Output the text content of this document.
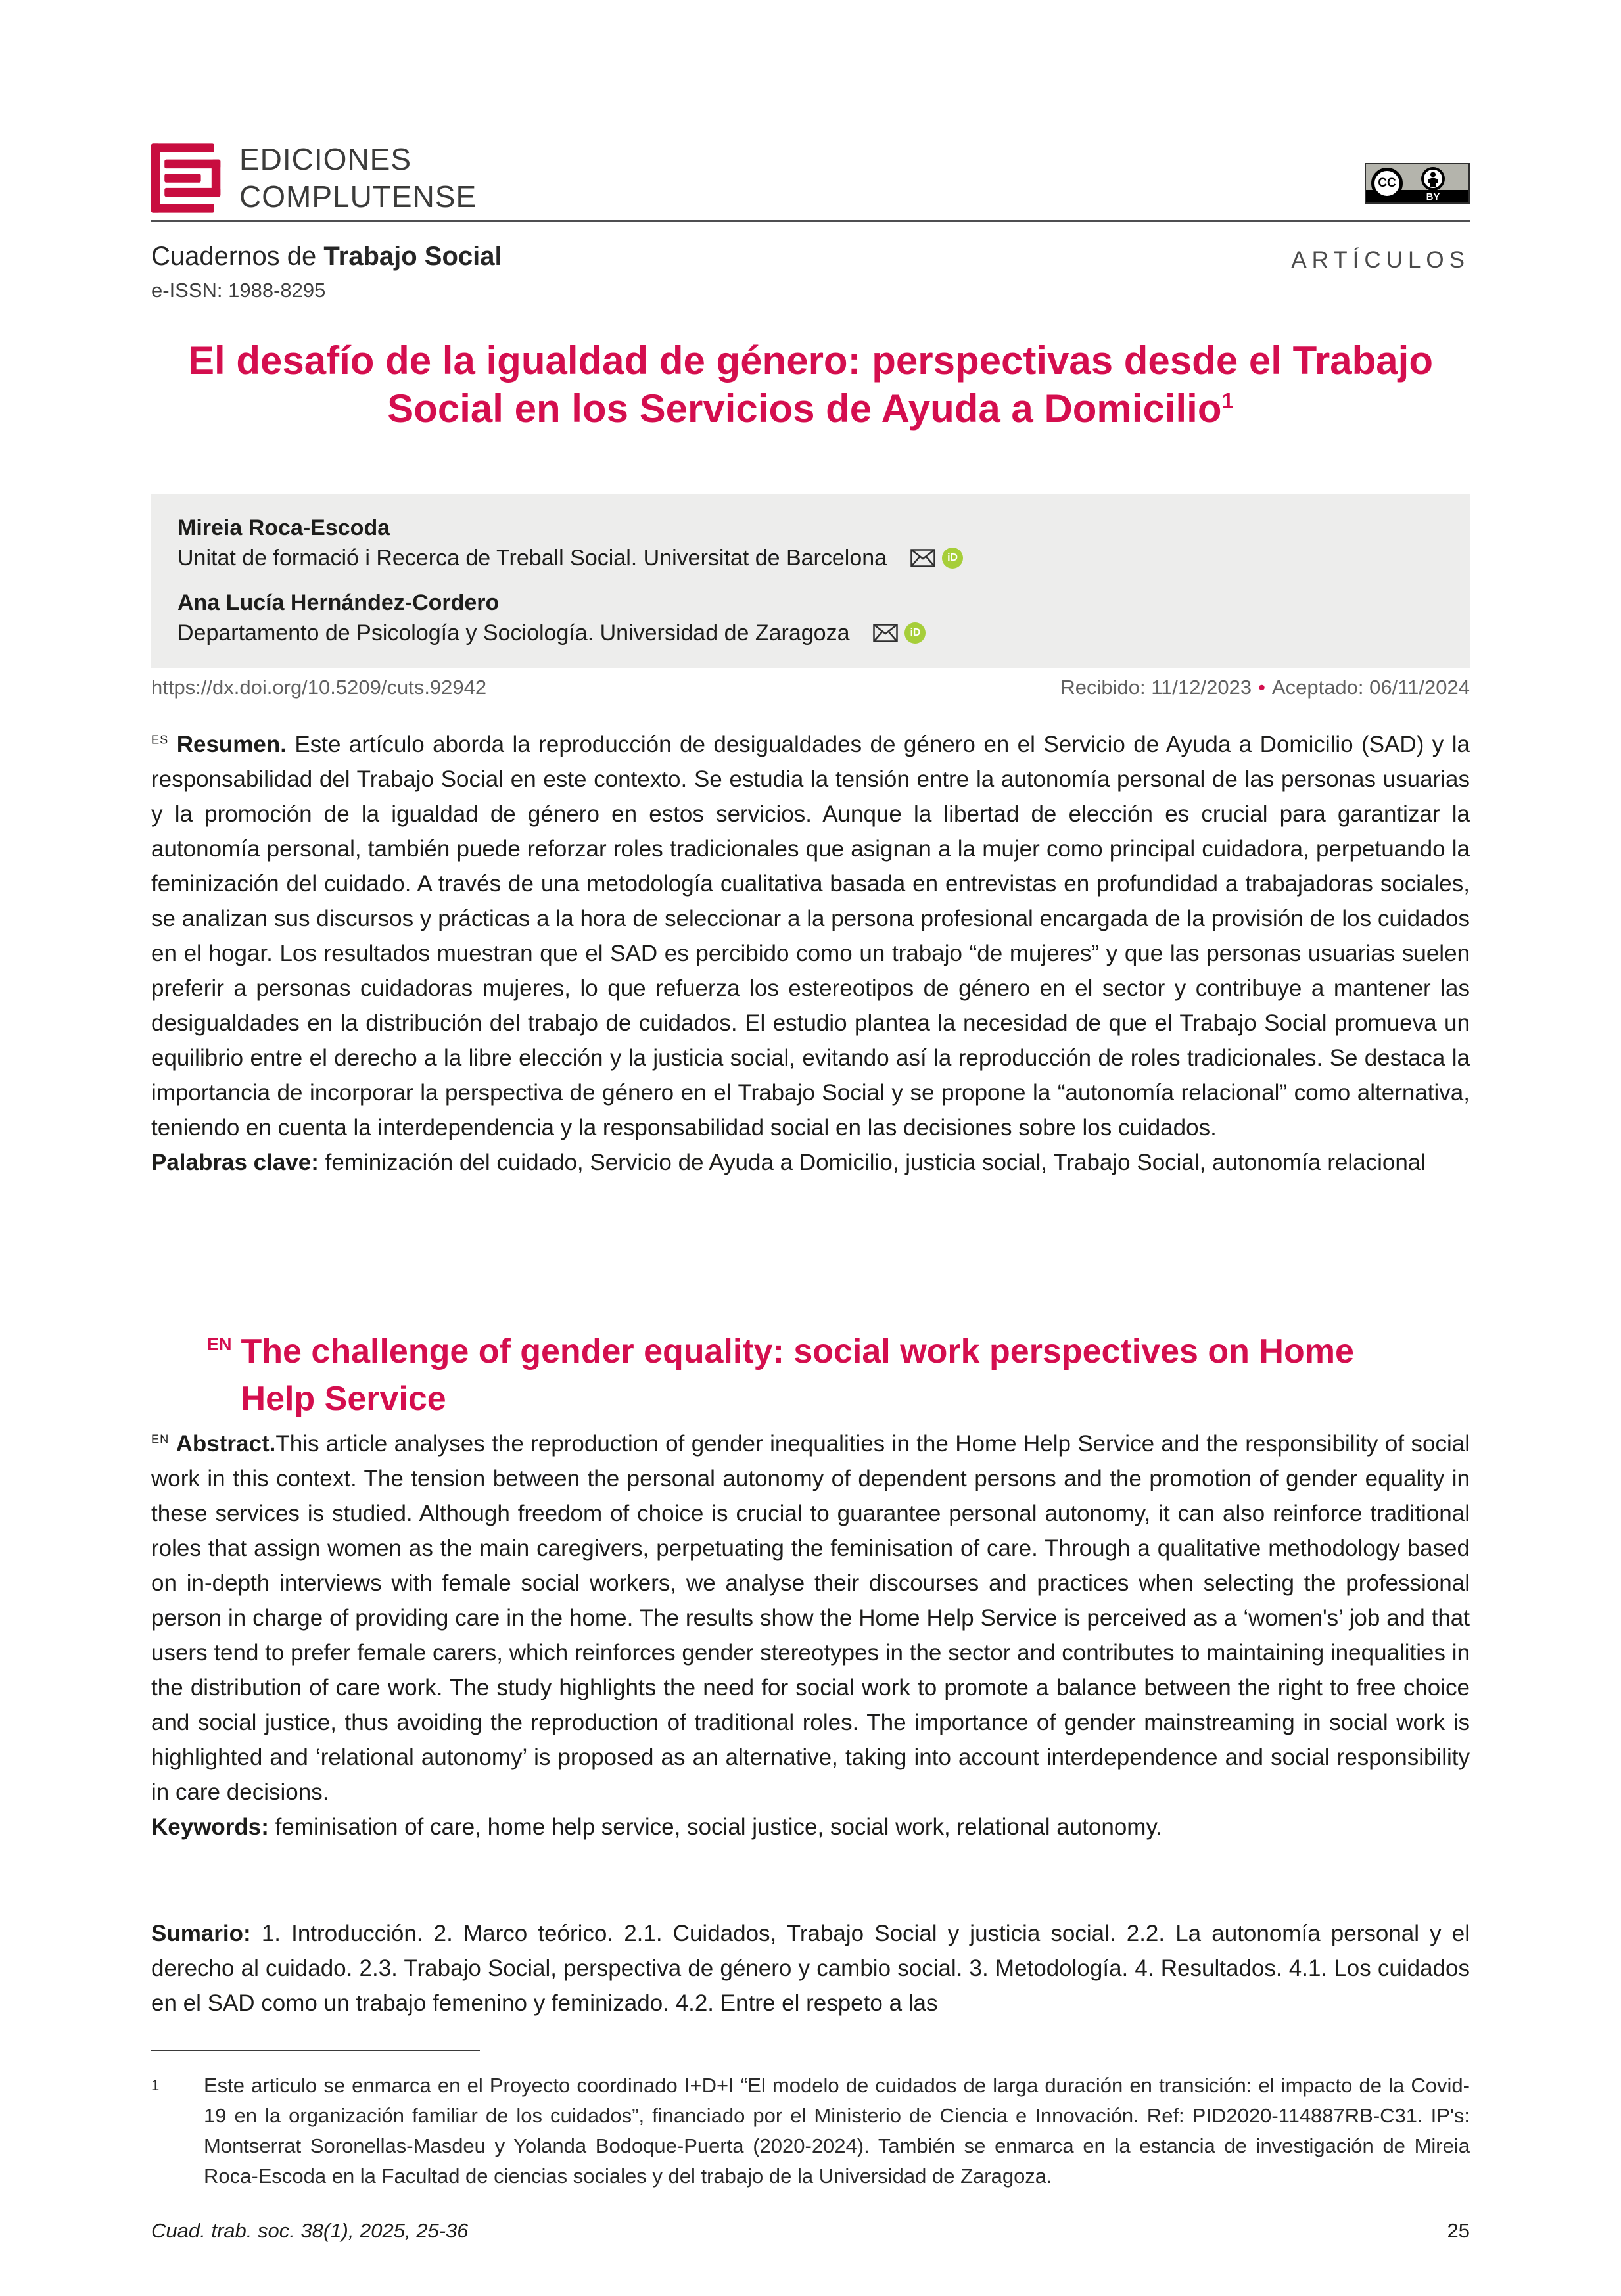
EDICIONES
COMPLUTENSE	CC
BY
Cuadernos de Trabajo Social
e-ISSN: 1988-8295
ARTÍCULOS
El desafío de la igualdad de género: perspectivas desde el Trabajo Social en los Servicios de Ayuda a Domicilio$^1$
Mireia Roca-Escoda
Unitat de formació i Recerca de Treball Social. Universitat de Barcelona	iD
Ana Lucía Hernández-Cordero
Departamento de Psicología y Sociología. Universidad de Zaragoza	iD
https://dx.doi.org/10.5209/cuts.92942	Recibido: 11/12/2023 • Aceptado: 06/11/2024

$^{ES}$ Resumen. Este artículo aborda la reproducción de desigualdades de género en el Servicio de Ayuda a Domicilio (SAD) y la responsabilidad del Trabajo Social en este contexto. Se estudia la tensión entre la autonomía personal de las personas usuarias y la promoción de la igualdad de género en estos servicios. Aunque la libertad de elección es crucial para garantizar la autonomía personal, también puede reforzar roles tradicionales que asignan a la mujer como principal cuidadora, perpetuando la feminización del cuidado. A través de una metodología cualitativa basada en entrevistas en profundidad a trabajadoras sociales, se analizan sus discursos y prácticas a la hora de seleccionar a la persona profesional encargada de la provisión de los cuidados en el hogar. Los resultados muestran que el SAD es percibido como un trabajo “de mujeres” y que las personas usuarias suelen preferir a personas cuidadoras mujeres, lo que refuerza los estereotipos de género en el sector y contribuye a mantener las desigualdades en la distribución del trabajo de cuidados. El estudio plantea la necesidad de que el Trabajo Social promueva un equilibrio entre el derecho a la libre elección y la justicia social, evitando así la reproducción de roles tradicionales. Se destaca la importancia de incorporar la perspectiva de género en el Trabajo Social y se propone la “autonomía relacional” como alternativa, teniendo en cuenta la interdependencia y la responsabilidad social en las decisiones sobre los cuidados.

Palabras clave: feminización del cuidado, Servicio de Ayuda a Domicilio, justicia social, Trabajo Social, autonomía relacional

EN The challenge of gender equality: social work perspectives on Home Help Service

$^{EN}$ Abstract.This article analyses the reproduction of gender inequalities in the Home Help Service and the responsibility of social work in this context. The tension between the personal autonomy of dependent persons and the promotion of gender equality in these services is studied. Although freedom of choice is crucial to guarantee personal autonomy, it can also reinforce traditional roles that assign women as the main caregivers, perpetuating the feminisation of care. Through a qualitative methodology based on in-depth interviews with female social workers, we analyse their discourses and practices when selecting the professional person in charge of providing care in the home. The results show the Home Help Service is perceived as a ‘women's’ job and that users tend to prefer female carers, which reinforces gender stereotypes in the sector and contributes to maintaining inequalities in the distribution of care work. The study highlights the need for social work to promote a balance between the right to free choice and social justice, thus avoiding the reproduction of traditional roles. The importance of gender mainstreaming in social work is highlighted and ‘relational autonomy’ is proposed as an alternative, taking into account interdependence and social responsibility in care decisions.

Keywords: feminisation of care, home help service, social justice, social work, relational autonomy.

Sumario: 1. Introducción. 2. Marco teórico. 2.1. Cuidados, Trabajo Social y justicia social. 2.2. La autonomía personal y el derecho al cuidado. 2.3. Trabajo Social, perspectiva de género y cambio social. 3. Metodología. 4. Resultados. 4.1. Los cuidados en el SAD como un trabajo femenino y feminizado. 4.2. Entre el respeto a las

1 Este articulo se enmarca en el Proyecto coordinado I+D+I “El modelo de cuidados de larga duración en transición: el impacto de la Covid-19 en la organización familiar de los cuidados”, financiado por el Ministerio de Ciencia e Innovación. Ref: PID2020-114887RB-C31. IP's: Montserrat Soronellas-Masdeu y Yolanda Bodoque-Puerta (2020-2024). También se enmarca en la estancia de investigación de Mireia Roca-Escoda en la Facultad de ciencias sociales y del trabajo de la Universidad de Zaragoza.
Cuad. trab. soc. 38(1), 2025, 25-36	25
